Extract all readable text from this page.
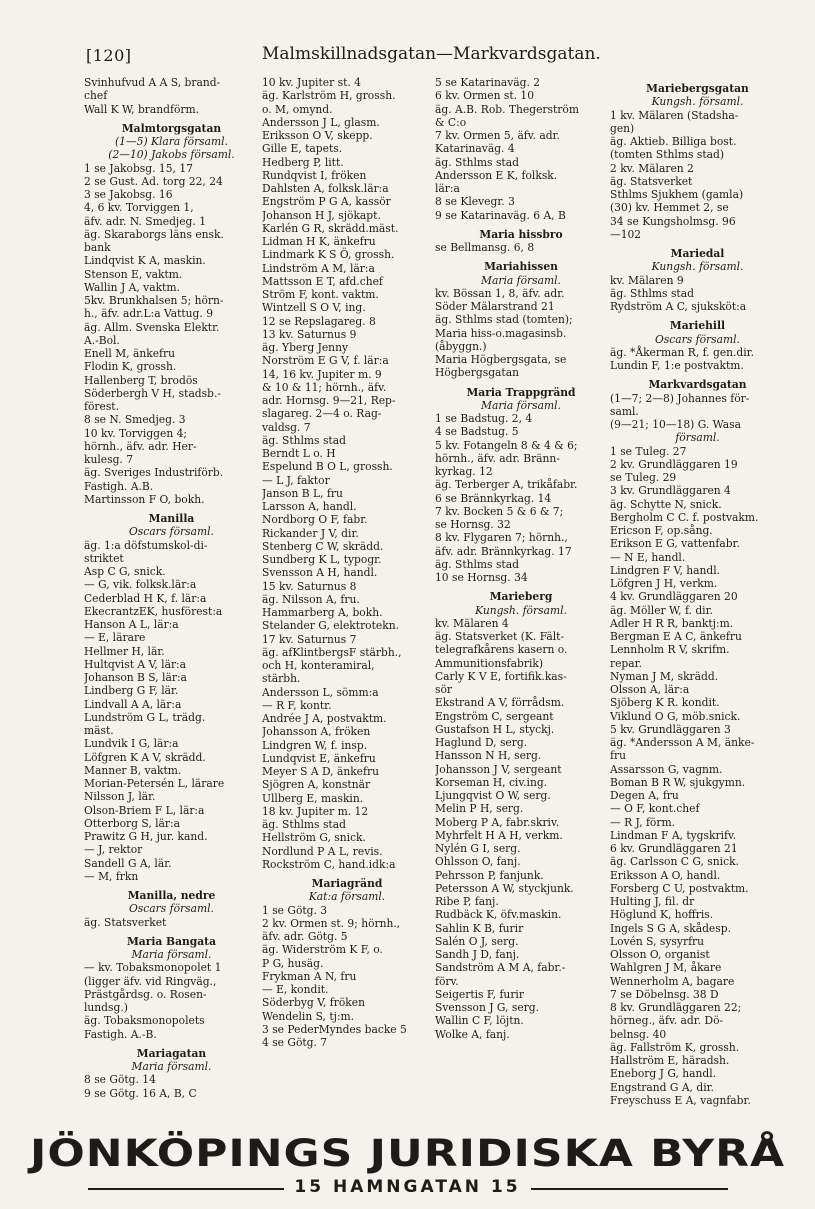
[120]	Malmskillnadsgatan—Markvardsgatan.
Svinhufvud A A S, brand-
chef
Wall K W, brandförm.
Malmtorgsgatan
(1—5) Klara församl.
(2—10) Jakobs församl.
1 se Jakobsg. 15, 17
2 se Gust. Ad. torg 22, 24
3 se Jakobsg. 16
4, 6 kv. Torviggen 1,
äfv. adr. N. Smedjeg. 1
äg. Skaraborgs läns ensk.
bank
Lindqvist K A, maskin.
Stenson E, vaktm.
Wallin J A, vaktm.
5kv. Brunkhalsen 5; hörn-
h., äfv. adr.L:a Vattug. 9
äg. Allm. Svenska Elektr.
A.-Bol.
Enell M, änkefru
Flodin K, grossh.
Hallenberg T, brodös
Söderbergh V H, stadsb.-
förest.
8 se N. Smedjeg. 3
10 kv. Torviggen 4;
hörnh., äfv. adr. Her-
kulesg. 7
äg. Sveriges Industriförb.
Fastigh. A.B.
Martinsson F O, bokh.
Manilla
Oscars församl.
äg. 1:a döfstumskol-di-
striktet
Asp C G, snick.
— G, vik. folksk.lär:a
Cederblad H K, f. lär:a
EkecrantzEK, husförest:a
Hanson A L, lär:a
— E, lärare
Hellmer H, lär.
Hultqvist A V, lär:a
Johanson B S, lär:a
Lindberg G F, lär.
Lindvall A A, lär:a
Lundström G L, trädg.
mäst.
Lundvik I G, lär:a
Löfgren K A V, skrädd.
Manner B, vaktm.
Morian-Petersén L, lärare
Nilsson J, lär.
Olson-Briem F L, lär:a
Otterborg S, lär:a
Prawitz G H, jur. kand.
— J, rektor
Sandell G A, lär.
— M, frkn
Manilla, nedre
Oscars församl.
äg. Statsverket
Maria Bangata
Maria församl.
— kv. Tobaksmonopolet 1
(ligger äfv. vid Ringväg.,
Prästgårdsg. o. Rosen-
lundsg.)
äg. Tobaksmonopolets
Fastigh. A.-B.
Mariagatan
Maria församl.
8 se Götg. 14
9 se Götg. 16 A, B, C
10 kv. Jupiter st. 4
äg. Karlström H, grossh.
o. M, omynd.
Andersson J L, glasm.
Eriksson O V, skepp.
Gille E, tapets.
Hedberg P, litt.
Rundqvist I, fröken
Dahlsten A, folksk.lär:a
Engström P G A, kassör
Johanson H J, sjökapt.
Karlén G R, skrädd.mäst.
Lidman H K, änkefru
Lindmark K S Ö, grossh.
Lindström A M, lär:a
Mattsson E T, afd.chef
Ström F, kont. vaktm.
Wintzell S O V, ing.
12 se Repslagareg. 8
13 kv. Saturnus 9
äg. Yberg Jenny
Norström E G V, f. lär:a
14, 16 kv. Jupiter m. 9
& 10 & 11; hörnh., äfv.
adr. Hornsg. 9—21, Rep-
slagareg. 2—4 o. Rag-
valdsg. 7
äg. Sthlms stad
Berndt L o. H
Espelund B O L, grossh.
— L J, faktor
Janson B L, fru
Larsson A, handl.
Nordborg O F, fabr.
Rickander J V, dir.
Stenberg C W, skrädd.
Sundberg K L, typogr.
Svensson A H, handl.
15 kv. Saturnus 8
äg. Nilsson A, fru.
Hammarberg A, bokh.
Stelander G, elektrotekn.
17 kv. Saturnus 7
äg. afKlintbergsF stärbh.,
och H, konteramiral,
stärbh.
Andersson L, sömm:a
— R F, kontr.
Andrée J A, postvaktm.
Johansson A, fröken
Lindgren W, f. insp.
Lundqvist E, änkefru
Meyer S A D, änkefru
Sjögren A, konstnär
Ullberg E, maskin.
18 kv. Jupiter m. 12
äg. Sthlms stad
Hellström G, snick.
Nordlund P A L, revis.
Rockström C, hand.idk:a
Mariagränd
Kat:a församl.
1 se Götg. 3
2 kv. Ormen st. 9; hörnh.,
äfv. adr. Götg. 5
äg. Widerström K F, o.
P G, husäg.
Frykman A N, fru
— E, kondit.
Söderbyg V, fröken
Wendelin S, tj:m.
3 se PederMyndes backe 5
4 se Götg. 7
5 se Katarinaväg. 2
6 kv. Ormen st. 10
äg. A.B. Rob. Thegerström
& C:o
7 kv. Ormen 5, äfv. adr.
Katarinaväg. 4
äg. Sthlms stad
Andersson E K, folksk.
lär:a
8 se Klevegr. 3
9 se Katarinaväg. 6 A, B
Maria hissbro
se Bellmansg. 6, 8
Mariahissen
Maria församl.
kv. Bössan 1, 8, äfv. adr.
Söder Mälarstrand 21
äg. Sthlms stad (tomten);
Maria hiss-o.magasinsb.
(åbyggn.)
Maria Högbergsgata, se
Högbergsgatan
Maria Trappgränd
Maria församl.
1 se Badstug. 2, 4
4 se Badstug. 5
5 kv. Fotangeln 8 & 4 & 6;
hörnh., äfv. adr. Bränn-
kyrkag. 12
äg. Terberger A, trikåfabr.
6 se Brännkyrkag. 14
7 kv. Bocken 5 & 6 & 7;
se Hornsg. 32
8 kv. Flygaren 7; hörnh.,
äfv. adr. Brännkyrkag. 17
äg. Sthlms stad
10 se Hornsg. 34
Marieberg
Kungsh. församl.
kv. Mälaren 4
äg. Statsverket (K. Fält-
telegrafkårens kasern o.
Ammunitionsfabrik)
Carly K V E, fortifik.kas-
sör
Ekstrand A V, förrådsm.
Engström C, sergeant
Gustafson H L, styckj.
Haglund D, serg.
Hansson N H, serg.
Johansson J V, sergeant
Korseman H, civ.ing.
Ljungqvist O W, serg.
Melin P H, serg.
Moberg P A, fabr.skriv.
Myhrfelt H A H, verkm.
Nylén G I, serg.
Ohlsson O, fanj.
Pehrsson P, fanjunk.
Petersson A W, styckjunk.
Ribe P, fanj.
Rudbäck K, öfv.maskin.
Sahlin K B, furir
Salén O J, serg.
Sandh J D, fanj.
Sandström A M A, fabr.-
förv.
Seigertis F, furir
Svensson J G, serg.
Wallin C F, löjtn.
Wolke A, fanj.
Mariebergsgatan
Kungsh. församl.
1 kv. Mälaren (Stadsha-
gen)
äg. Aktieb. Billiga bost.
(tomten Sthlms stad)
2 kv. Mälaren 2
äg. Statsverket
Sthlms Sjukhem (gamla)
(30) kv. Hemmet 2, se
34 se Kungsholmsg. 96
—102
Mariedal
Kungsh. församl.
kv. Mälaren 9
äg. Sthlms stad
Rydström A C, sjuksköt:a
Mariehill
Oscars församl.
äg. *Åkerman R, f. gen.dir.
Lundin F, 1:e postvaktm.
Markvardsgatan
(1—7; 2—8) Johannes för-
saml.
(9—21; 10—18) G. Wasa
församl.
1 se Tuleg. 27
2 kv. Grundläggaren 19
se Tuleg. 29
3 kv. Grundläggaren 4
äg. Schytte N, snick.
Bergholm C C. f. postvakm.
Ericson F, op.sång.
Erikson E G, vattenfabr.
— N E, handl.
Lindgren F V, handl.
Löfgren J H, verkm.
4 kv. Grundläggaren 20
äg. Möller W, f. dir.
Adler H R R, banktj:m.
Bergman E A C, änkefru
Lennholm R V, skrifm.
repar.
Nyman J M, skrädd.
Olsson A, lär:a
Sjöberg K R. kondit.
Viklund O G, möb.snick.
5 kv. Grundläggaren 3
äg. *Andersson A M, änke-
fru
Assarsson G, vagnm.
Boman B R W, sjukgymn.
Degen A, fru
— O F, kont.chef
— R J, förm.
Lindman F A, tygskrifv.
6 kv. Grundläggaren 21
äg. Carlsson C G, snick.
Eriksson A O, handl.
Forsberg C U, postvaktm.
Hulting J, fil. dr
Höglund K, hoffris.
Ingels S G A, skådesp.
Lovén S, sysyrfru
Olsson O, organist
Wahlgren J M, åkare
Wennerholm A, bagare
7 se Döbelnsg. 38 D
8 kv. Grundläggaren 22;
hörneg., äfv. adr. Dö-
belnsg. 40
äg. Fallström K, grossh.
Hallström E, häradsh.
Eneborg J G, handl.
Engstrand G A, dir.
Freyschuss E A, vagnfabr.
JÖNKÖPINGS JURIDISKA BYRÅ
15 HAMNGATAN 15
